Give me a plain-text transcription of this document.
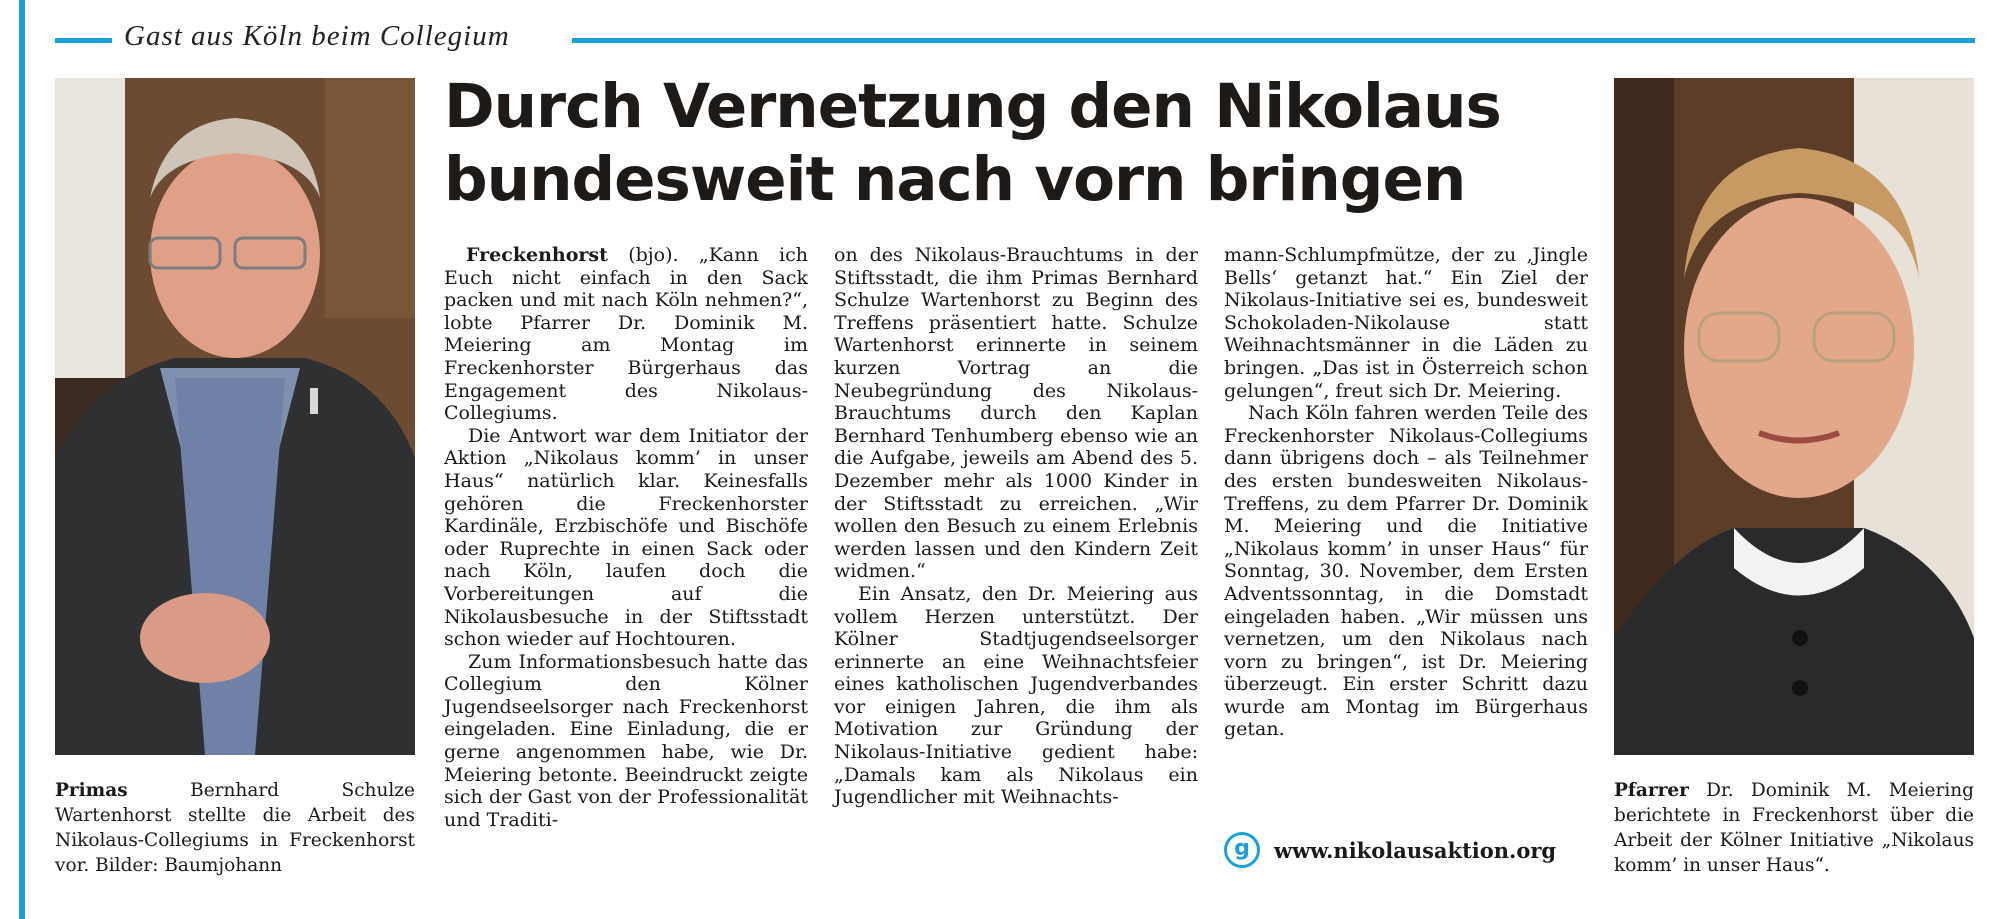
Gast aus Köln beim Collegium
Durch Vernetzung den Nikolaus
bundesweit nach vorn bringen
Primas Bernhard Schulze Wartenhorst stellte die Arbeit des Nikolaus-Collegiums in Freckenhorst vor. Bilder: Baumjohann
Pfarrer Dr. Dominik M. Meiering berichtete in Freckenhorst über die Arbeit der Kölner Initiative „Nikolaus komm’ in unser Haus“.

Freckenhorst (bjo). „Kann ich Euch nicht einfach in den Sack packen und mit nach Köln nehmen?“, lobte Pfarrer Dr. Dominik M. Meiering am Montag im Freckenhorster Bürgerhaus das Engagement des Nikolaus-Collegiums.

Die Antwort war dem Initiator der Aktion „Nikolaus komm’ in unser Haus“ natürlich klar. Keinesfalls gehören die Freckenhorster Kardinäle, Erzbischöfe und Bischöfe oder Ruprechte in einen Sack oder nach Köln, laufen doch die Vorbereitungen auf die Nikolausbesuche in der Stiftsstadt schon wieder auf Hochtouren.

Zum Informationsbesuch hatte das Collegium den Kölner Jugendseelsorger nach Freckenhorst eingeladen. Eine Einladung, die er gerne angenommen habe, wie Dr. Meiering betonte. Beeindruckt zeigte sich der Gast von der Professionalität und Traditi-

on des Nikolaus-Brauchtums in der Stiftsstadt, die ihm Primas Bernhard Schulze Wartenhorst zu Beginn des Treffens präsentiert hatte. Schulze Wartenhorst erinnerte in seinem kurzen Vortrag an die Neubegründung des Nikolaus-Brauchtums durch den Kaplan Bernhard Tenhumberg ebenso wie an die Aufgabe, jeweils am Abend des 5. Dezember mehr als 1000 Kinder in der Stiftsstadt zu erreichen. „Wir wollen den Besuch zu einem Erlebnis werden lassen und den Kindern Zeit widmen.“

Ein Ansatz, den Dr. Meiering aus vollem Herzen unterstützt. Der Kölner Stadtjugendseelsorger erinnerte an eine Weihnachtsfeier eines katholischen Jugendverbandes vor einigen Jahren, die ihm als Motivation zur Gründung der Nikolaus-Initiative gedient habe: „Damals kam als Nikolaus ein Jugendlicher mit Weihnachts-

mann-Schlumpfmütze, der zu ‚Jingle Bells‘ getanzt hat.“ Ein Ziel der Nikolaus-Initiative sei es, bundesweit Schokoladen-Nikolause statt Weihnachtsmänner in die Läden zu bringen. „Das ist in Österreich schon gelungen“, freut sich Dr. Meiering.

Nach Köln fahren werden Teile des Freckenhorster Nikolaus-Collegiums dann übrigens doch – als Teilnehmer des ersten bundesweiten Nikolaus-Treffens, zu dem Pfarrer Dr. Dominik M. Meiering und die Initiative „Nikolaus komm’ in unser Haus“ für Sonntag, 30. November, dem Ersten Adventssonntag, in die Domstadt eingeladen haben. „Wir müssen uns vernetzen, um den Nikolaus nach vorn zu bringen“, ist Dr. Meiering überzeugt. Ein erster Schritt dazu wurde am Montag im Bürgerhaus getan.

g	www.nikolausaktion.org
